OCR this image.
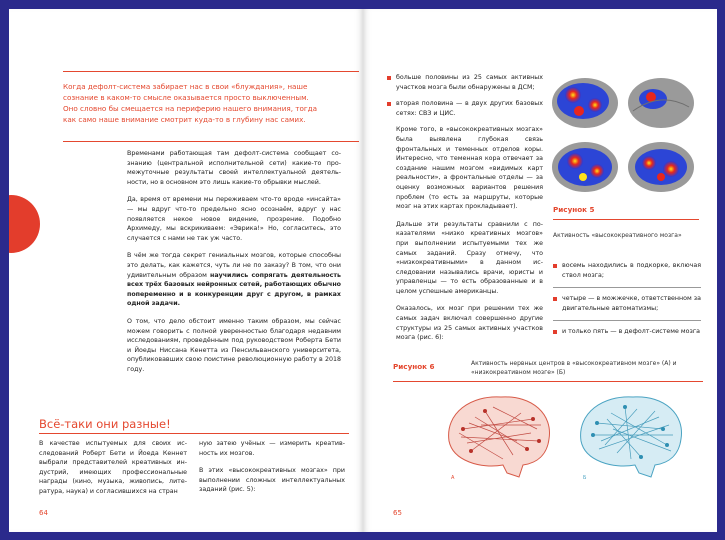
Когда дефолт-система забирает нас в свои «блуждания», наше сознание в каком-то смысле оказывается просто выключенным. Оно словно бы смещается на периферию нашего внимания, тогда как само наше внимание смотрит куда-то в глубину нас самих.

Временами работающая там дефолт-система сообщает сознанию (центральной исполнительной сети) какие-то промежуточные результаты своей интеллектуальной деятельности, но в основном это лишь какие-то обрывки мыслей.

Да, время от времени мы переживаем что-то вроде «инсайта» — мы вдруг что-то предельно ясно осознаём, вдруг у нас появляется некое новое видение, прозрение. Подобно Архимеду, мы вскрикиваем: «Эврика!» Но, согласитесь, это случается с нами не так уж часто.

В чём же тогда секрет гениальных мозгов, которые способны это делать, как кажется, чуть ли не по заказу? В том, что они удивительным образом научились сопрягать деятельность всех трёх базовых нейронных сетей, работающих обычно попеременно и в конкуренции друг с другом, в рамках одной задачи.

О том, что дело обстоит именно таким образом, мы сейчас можем говорить с полной уверенностью благодаря недавним исследованиям, проведённым под руководством Роберта Бети и Йоеды Ниссана Кенетта из Пенсильванского университета, опубликовавших свою поистине революционную работу в 2018 году.

Всё-таки они разные!

В качестве испытуемых для своих исследований Роберт Бети и Йоеда Кеннет выбрали представителей креативных индустрий, имеющих профессиональные награды (кино, музыка, живопись, литература, наука) и согласившихся на стран

ную затею учёных — измерить креативность их мозгов.

В этих «высококреативных мозгах» при выполнении сложных интеллектуальных заданий (рис. 5):

64
больше половины из 25 самых активных участков мозга были обнаружены в ДСМ;
вторая половина — в двух других базовых сетях: СВЗ и ЦИС.

Кроме того, в «высококреативных мозгах» была выявлена глубокая связь фронтальных и теменных отделов коры. Интересно, что теменная кора отвечает за создание нашим мозгом «видимых карт реальности», а фронтальные отделы — за оценку возможных вариантов решения проблем (то есть за маршруты, которые мозг на этих картах прокладывает).

Дальше эти результаты сравнили с показателями «низко креативных мозгов» при выполнении испытуемыми тех же самых заданий. Сразу отмечу, что «низкокреативными» в данном исследовании назывались врачи, юристы и управленцы — то есть образованные и в целом успешные американцы.

Оказалось, их мозг при решении тех же самых задач включал совершенно другие структуры из 25 самых активных участков мозга (рис. 6):

Рисунок 5
Активность «высококреативного мозга»
восемь находились в подкорке, включая ствол мозга;
четыре — в можжечке, ответственном за двигательные автоматизмы;
и только пять — в дефолт-системе мозга
Рисунок 6	Активность нервных центров в «высококреативном мозге» (А) и «низкокреативном мозге» (Б)
А	Б
65
